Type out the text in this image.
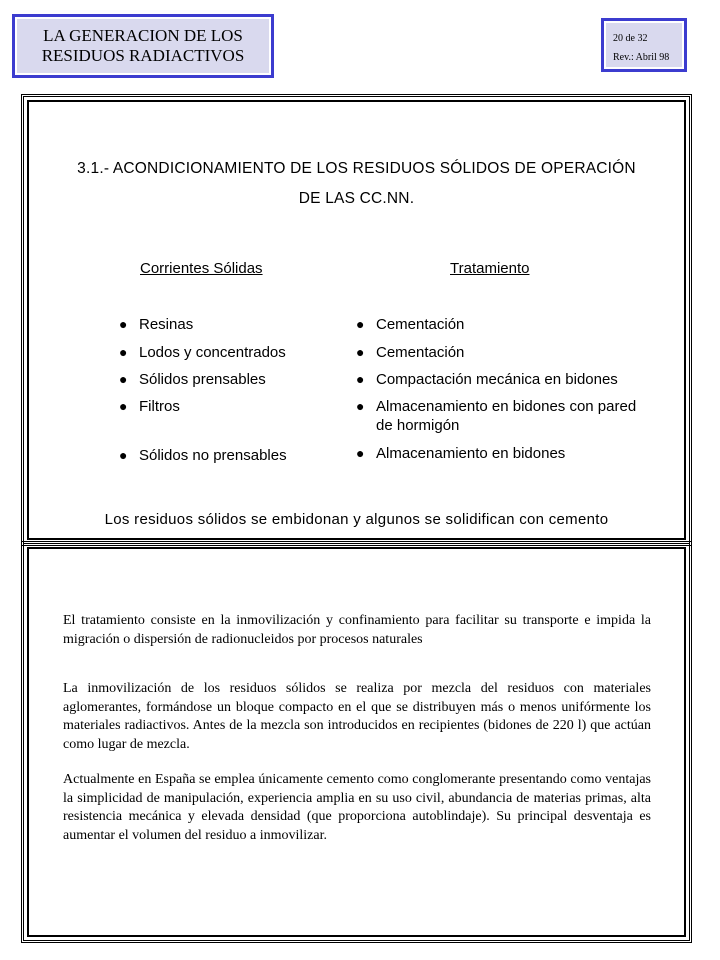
LA GENERACION DE LOS
RESIDUOS RADIACTIVOS
20 de 32
Rev.: Abril 98
3.1.- ACONDICIONAMIENTO DE LOS RESIDUOS SÓLIDOS DE OPERACIÓN
DE LAS CC.NN.
Corrientes Sólidas	Tratamiento
● Resinas
● Lodos y concentrados
● Sólidos prensables
● Filtros
● Sólidos no prensables
● Cementación
● Cementación
● Compactación mecánica en bidones
● Almacenamiento en bidones con pared
de hormigón
● Almacenamiento en bidones
Los residuos sólidos se embidonan y algunos se solidifican con cemento
El tratamiento consiste en la inmovilización y confinamiento para facilitar su transporte e impida la migración o dispersión de radionucleidos por procesos naturales
La inmovilización de los residuos sólidos se realiza por mezcla del residuos con materiales aglomerantes, formándose un bloque compacto en el que se distribuyen más o menos unifórmente los materiales radiactivos. Antes de la mezcla son introducidos en recipientes (bidones de 220 l) que actúan como lugar de mezcla.
Actualmente en España se emplea únicamente cemento como conglomerante presentando como ventajas la simplicidad de manipulación, experiencia amplia en su uso civil, abundancia de materias primas, alta resistencia mecánica y elevada densidad (que proporciona autoblindaje). Su principal desventaja es aumentar el volumen del residuo a inmovilizar.
